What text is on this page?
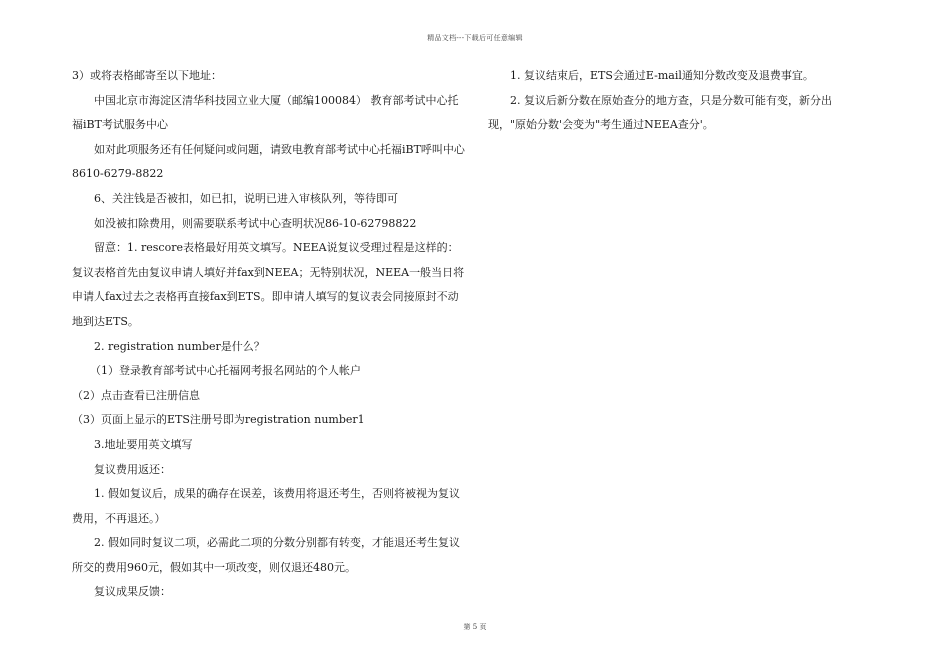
精品文档---下载后可任意编辑

3）或将表格邮寄至以下地址：

中国北京市海淀区清华科技园立业大厦（邮编100084） 教育部考试中心托福iBT考试服务中心

如对此项服务还有任何疑问或问题，请致电教育部考试中心托福iBT呼叫中心8610-6279-8822

6、关注钱是否被扣，如已扣，说明已进入审核队列，等待即可

如没被扣除费用，则需要联系考试中心查明状况86-10-62798822

留意：1. rescore表格最好用英文填写。NEEA说复议受理过程是这样的：复议表格首先由复议申请人填好并fax到NEEA；无特别状况，NEEA一般当日将申请人fax过去之表格再直接fax到ETS。即申请人填写的复议表会同接原封不动地到达ETS。

2. registration number是什么？

（1）登录教育部考试中心托福网考报名网站的个人帐户

（2）点击查看已注册信息

（3）页面上显示的ETS注册号即为registration number1

3.地址要用英文填写

复议费用返还：

1. 假如复议后，成果的确存在误差，该费用将退还考生，否则将被视为复议费用，不再退还。）

2. 假如同时复议二项，必需此二项的分数分别都有转变，才能退还考生复议所交的费用960元，假如其中一项改变，则仅退还480元。

复议成果反馈：

1. 复议结束后，ETS会通过E-mail通知分数改变及退费事宜。

2. 复议后新分数在原始查分的地方查，只是分数可能有变，新分出现，"原始分数'会变为"考生通过NEEA查分'。

第 5 页
